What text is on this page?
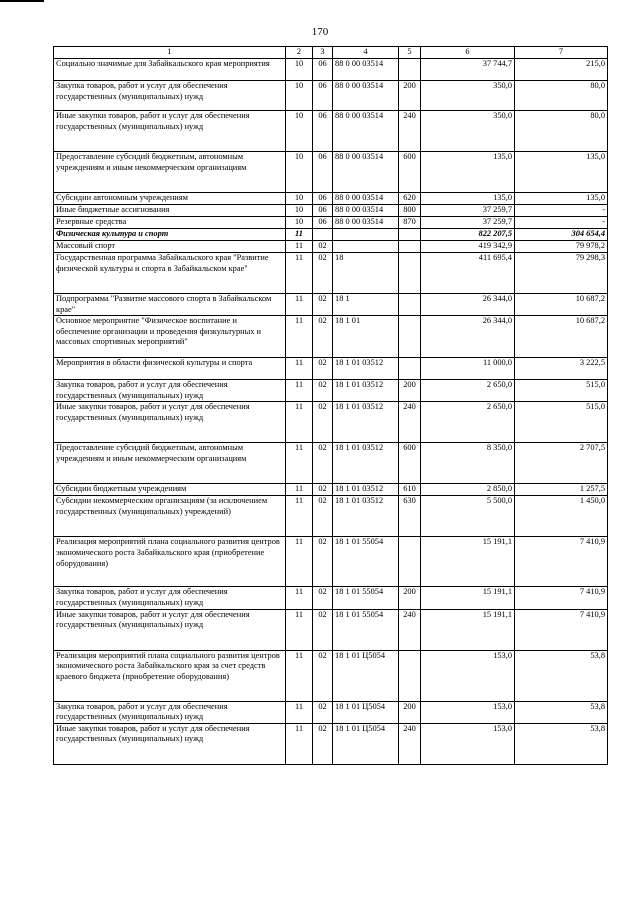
170
1	2	3	4	5	6	7
Социально значимые для Забайкальского края мероприятия	10	06	88 0 00 03514		37 744,7	215,0
Закупка товаров, работ и услуг для обеспечения государственных (муниципальных) нужд	10	06	88 0 00 03514	200	350,0	80,0
Иные закупки товаров, работ и услуг для обеспечения государственных (муниципальных) нужд	10	06	88 0 00 03514	240	350,0	80,0
Предоставление субсидий бюджетным, автономным учреждениям и иным некоммерческим организациям	10	06	88 0 00 03514	600	135,0	135,0
Субсидии автономным учреждениям	10	06	88 0 00 03514	620	135,0	135,0
Иные бюджетные ассигнования	10	06	88 0 00 03514	800	37 259,7	-
Резервные средства	10	06	88 0 00 03514	870	37 259,7	-
Физическая культура и спорт	11				822 207,5	304 654,4
Массовый спорт	11	02			419 342,9	79 978,2
Государственная программа Забайкальского края "Развитие физической культуры и спорта в Забайкальском крае"	11	02	18		411 695,4	79 298,3
Подпрограмма "Развитие массового спорта в Забайкальском крае"	11	02	18 1		26 344,0	10 687,2
Основное мероприятие "Физическое воспитание и обеспечение организации и проведения физкультурных и массовых спортивных мероприятий"	11	02	18 1 01		26 344,0	10 687,2
Мероприятия в области физической культуры и спорта	11	02	18 1 01 03512		11 000,0	3 222,5
Закупка товаров, работ и услуг для обеспечения государственных (муниципальных) нужд	11	02	18 1 01 03512	200	2 650,0	515,0
Иные закупки товаров, работ и услуг для обеспечения государственных (муниципальных) нужд	11	02	18 1 01 03512	240	2 650,0	515,0
Предоставление субсидий бюджетным, автономным учреждениям и иным некоммерческим организациям	11	02	18 1 01 03512	600	8 350,0	2 707,5
Субсидии бюджетным учреждениям	11	02	18 1 01 03512	610	2 850,0	1 257,5
Субсидии некоммерческим организациям (за исключением государственных (муниципальных) учреждений)	11	02	18 1 01 03512	630	5 500,0	1 450,0
Реализация мероприятий плана социального развития центров экономического роста Забайкальского края (приобретение оборудования)	11	02	18 1 01 55054		15 191,1	7 410,9
Закупка товаров, работ и услуг для обеспечения государственных (муниципальных) нужд	11	02	18 1 01 55054	200	15 191,1	7 410,9
Иные закупки товаров, работ и услуг для обеспечения государственных (муниципальных) нужд	11	02	18 1 01 55054	240	15 191,1	7 410,9
Реализация мероприятий плана социального развития центров экономического роста Забайкальского края за счет средств краевого бюджета (приобретение оборудования)	11	02	18 1 01 Ц5054		153,0	53,8
Закупка товаров, работ и услуг для обеспечения государственных (муниципальных) нужд	11	02	18 1 01 Ц5054	200	153,0	53,8
Иные закупки товаров, работ и услуг для обеспечения государственных (муниципальных) нужд	11	02	18 1 01 Ц5054	240	153,0	53,8
